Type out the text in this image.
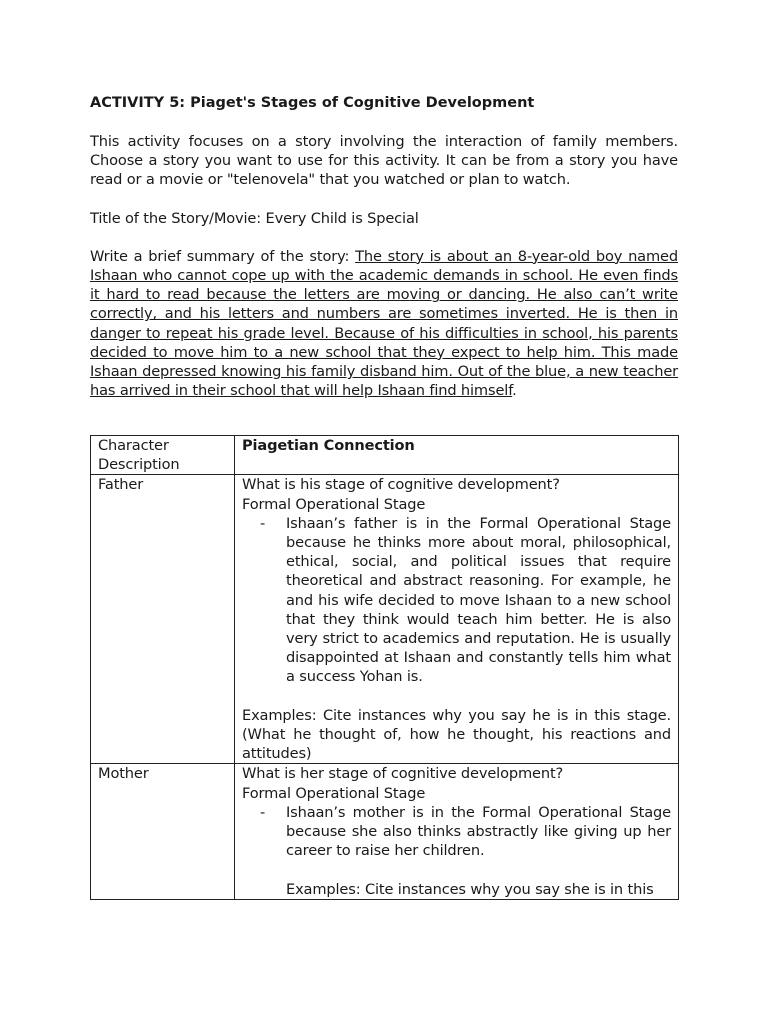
ACTIVITY 5: Piaget's Stages of Cognitive Development

This activity focuses on a story involving the interaction of family members. Choose a story you want to use for this activity. It can be from a story you have read or a movie or "telenovela" that you watched or plan to watch.

Title of the Story/Movie: Every Child is Special

Write a brief summary of the story: The story is about an 8-year-old boy named Ishaan who cannot cope up with the academic demands in school. He even finds it hard to read because the letters are moving or dancing. He also can’t write correctly, and his letters and numbers are sometimes inverted. He is then in danger to repeat his grade level. Because of his difficulties in school, his parents decided to move him to a new school that they expect to help him. This made Ishaan depressed knowing his family disband him. Out of the blue, a new teacher has arrived in their school that will help Ishaan find himself.

Character Description	Piagetian Connection
Father	What is his stage of cognitive development?
Formal Operational Stage
- Ishaan’s father is in the Formal Operational Stage because he thinks more about moral, philosophical, ethical, social, and political issues that require theoretical and abstract reasoning. For example, he and his wife decided to move Ishaan to a new school that they think would teach him better. He is also very strict to academics and reputation. He is usually disappointed at Ishaan and constantly tells him what a success Yohan is.
Examples: Cite instances why you say he is in this stage. (What he thought of, how he thought, his reactions and attitudes)

Mother	What is her stage of cognitive development?
Formal Operational Stage
- Ishaan’s mother is in the Formal Operational Stage because she also thinks abstractly like giving up her career to raise her children.
Examples: Cite instances why you say she is in this
